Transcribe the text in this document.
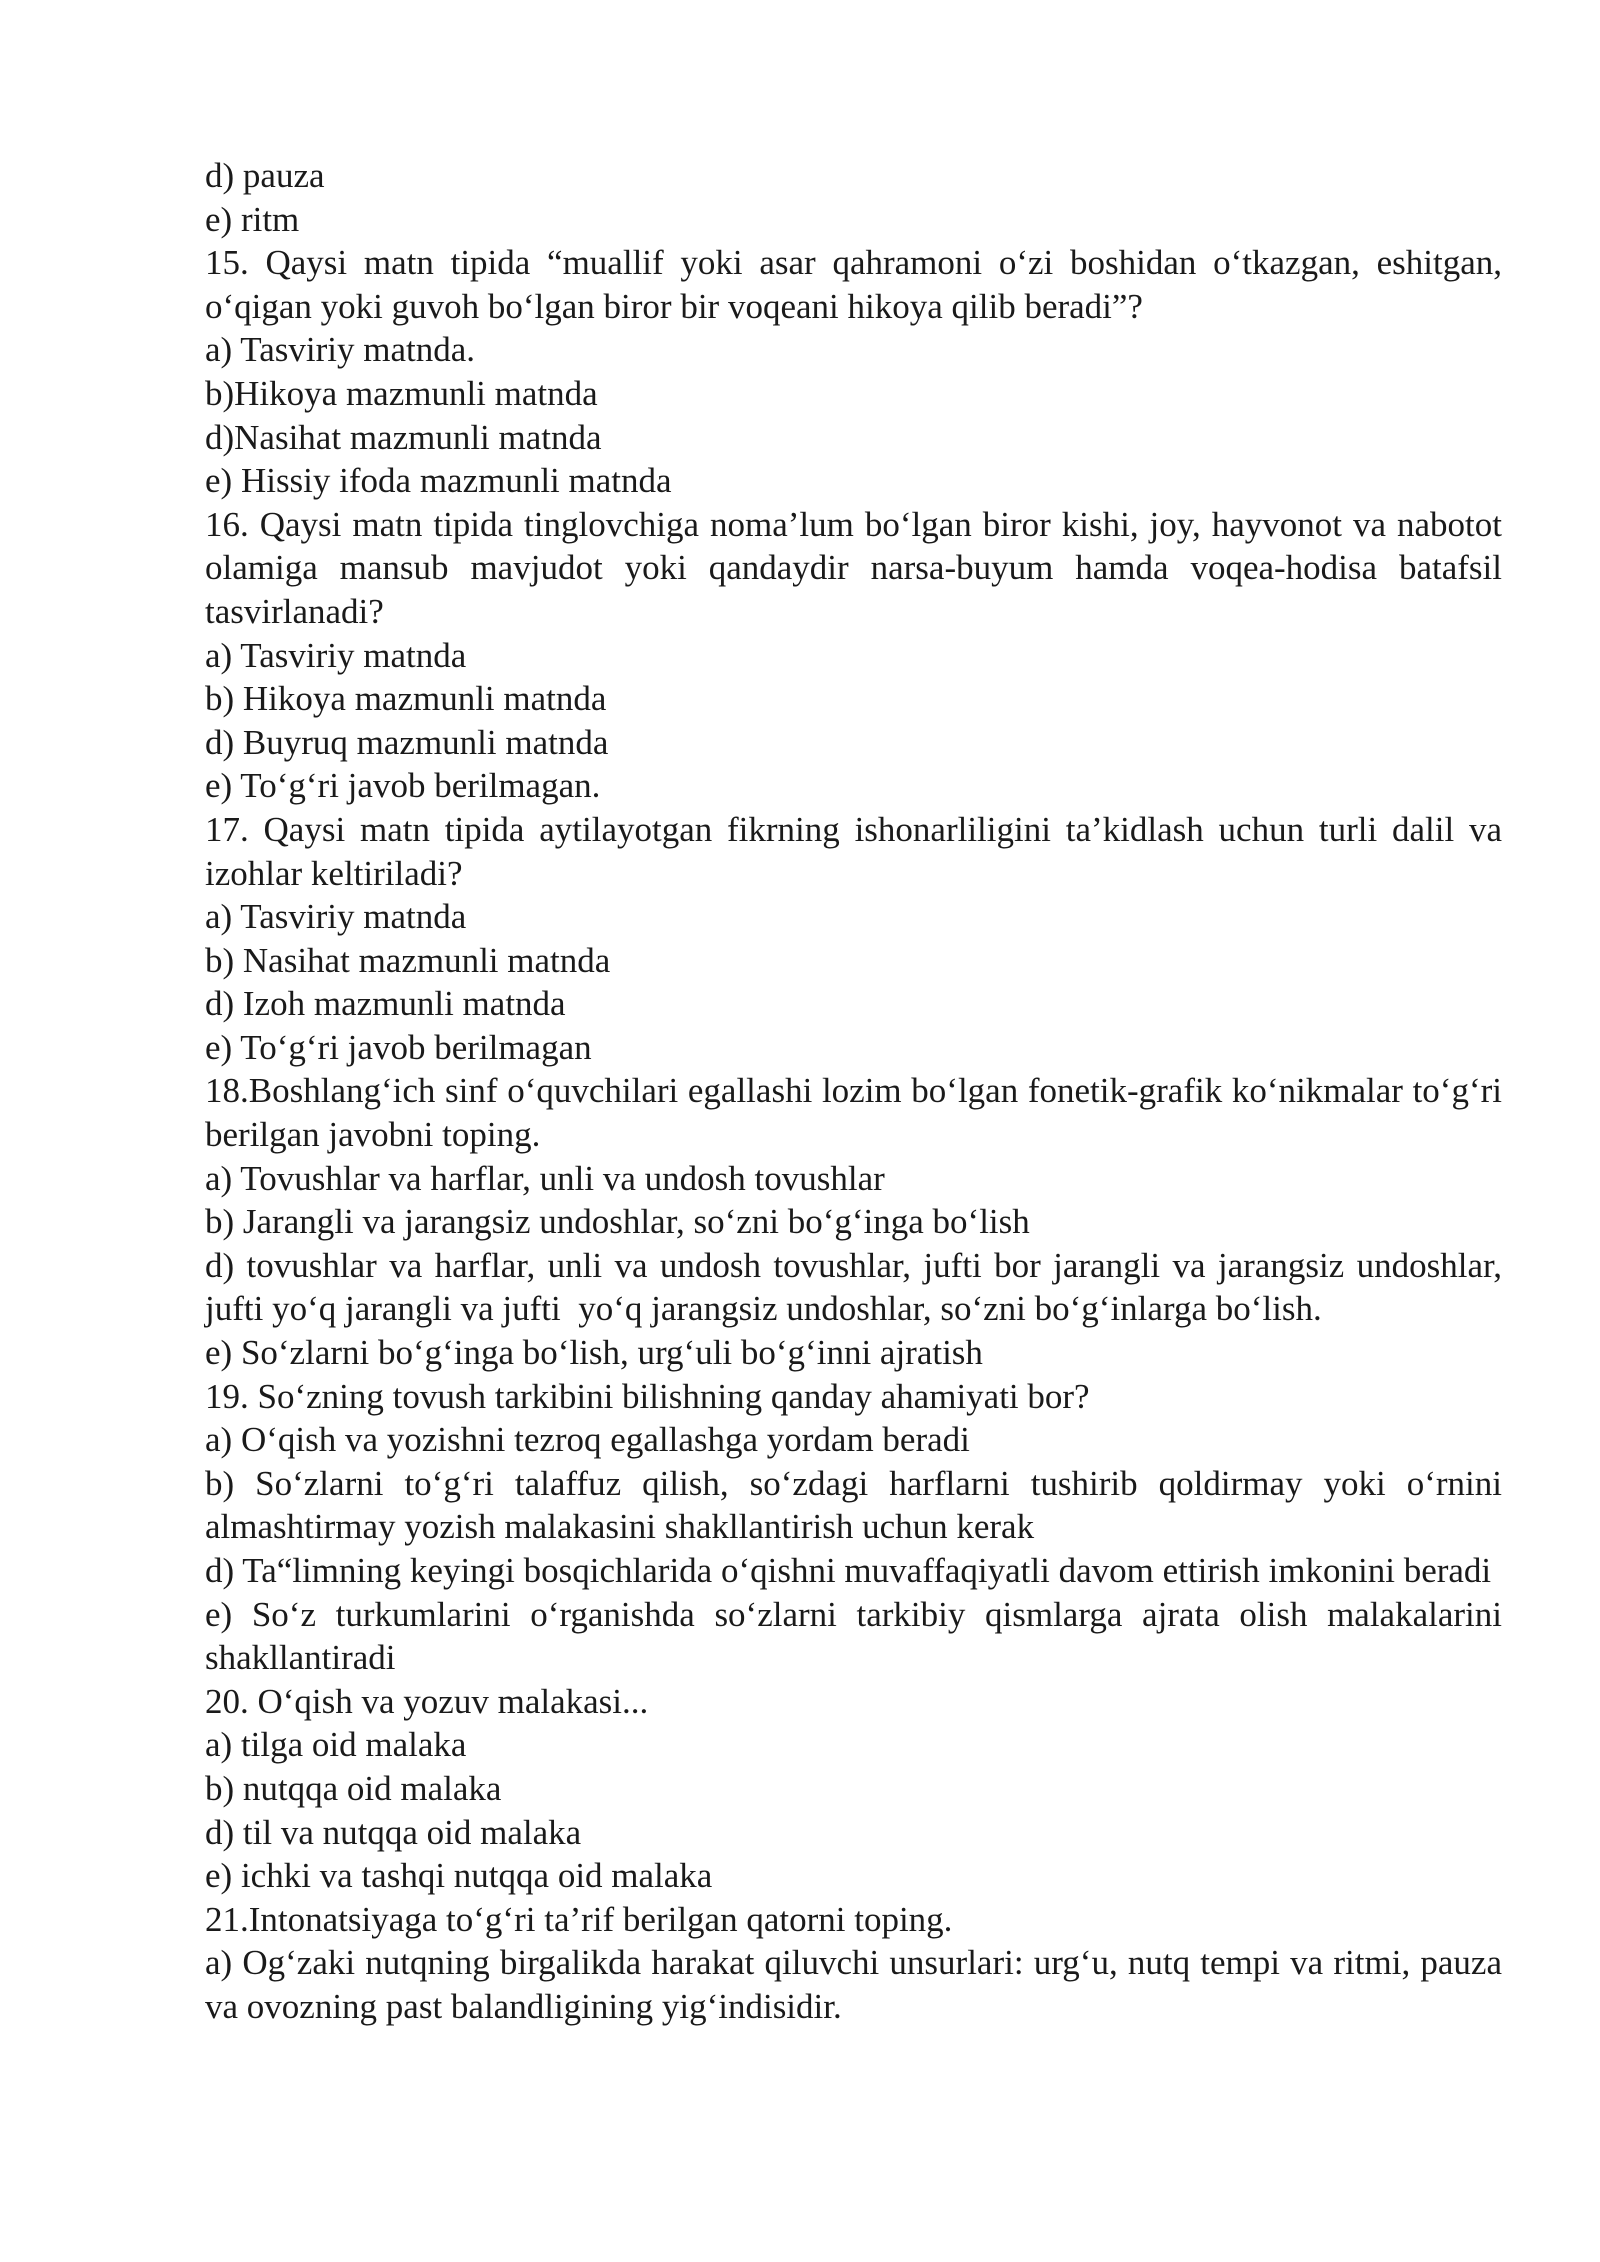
d) pauza
e) ritm
15. Qaysi matn tipida “muallif yoki asar qahramoni o‘zi boshidan o‘tkazgan, eshitgan, o‘qigan yoki guvoh bo‘lgan biror bir voqeani hikoya qilib beradi”?
a) Tasviriy matnda.
b)Hikoya mazmunli matnda
d)Nasihat mazmunli matnda
e) Hissiy ifoda mazmunli matnda
16. Qaysi matn tipida tinglovchiga noma’lum bo‘lgan biror kishi, joy, hayvonot va nabotot olamiga mansub mavjudot yoki qandaydir narsa-buyum hamda voqea-hodisa batafsil tasvirlanadi?
a) Tasviriy matnda
b) Hikoya mazmunli matnda
d) Buyruq mazmunli matnda
e) To‘g‘ri javob berilmagan.
17. Qaysi matn tipida aytilayotgan fikrning ishonarliligini ta’kidlash uchun turli dalil va izohlar keltiriladi?
a) Tasviriy matnda
b) Nasihat mazmunli matnda
d) Izoh mazmunli matnda
e) To‘g‘ri javob berilmagan
18.Boshlang‘ich sinf o‘quvchilari egallashi lozim bo‘lgan fonetik-grafik ko‘nikmalar to‘g‘ri berilgan javobni toping.
a) Tovushlar va harflar, unli va undosh tovushlar
b) Jarangli va jarangsiz undoshlar, so‘zni bo‘g‘inga bo‘lish
d) tovushlar va harflar, unli va undosh tovushlar, jufti bor jarangli va jarangsiz undoshlar, jufti yo‘q jarangli va jufti  yo‘q jarangsiz undoshlar, so‘zni bo‘g‘inlarga bo‘lish.
e) So‘zlarni bo‘g‘inga bo‘lish, urg‘uli bo‘g‘inni ajratish
19. So‘zning tovush tarkibini bilishning qanday ahamiyati bor?
a) O‘qish va yozishni tezroq egallashga yordam beradi
b) So‘zlarni to‘g‘ri talaffuz qilish, so‘zdagi harflarni tushirib qoldirmay yoki o‘rnini almashtirmay yozish malakasini shakllantirish uchun kerak
d) Ta“limning keyingi bosqichlarida o‘qishni muvaffaqiyatli davom ettirish imkonini beradi
e) So‘z turkumlarini o‘rganishda so‘zlarni tarkibiy qismlarga ajrata olish malakalarini shakllantiradi
20. O‘qish va yozuv malakasi...
a) tilga oid malaka
b) nutqqa oid malaka
d) til va nutqqa oid malaka
e) ichki va tashqi nutqqa oid malaka
21.Intonatsiyaga to‘g‘ri ta’rif berilgan qatorni toping.
a) Og‘zaki nutqning birgalikda harakat qiluvchi unsurlari: urg‘u, nutq tempi va ritmi, pauza va ovozning past balandligining yig‘indisidir.
